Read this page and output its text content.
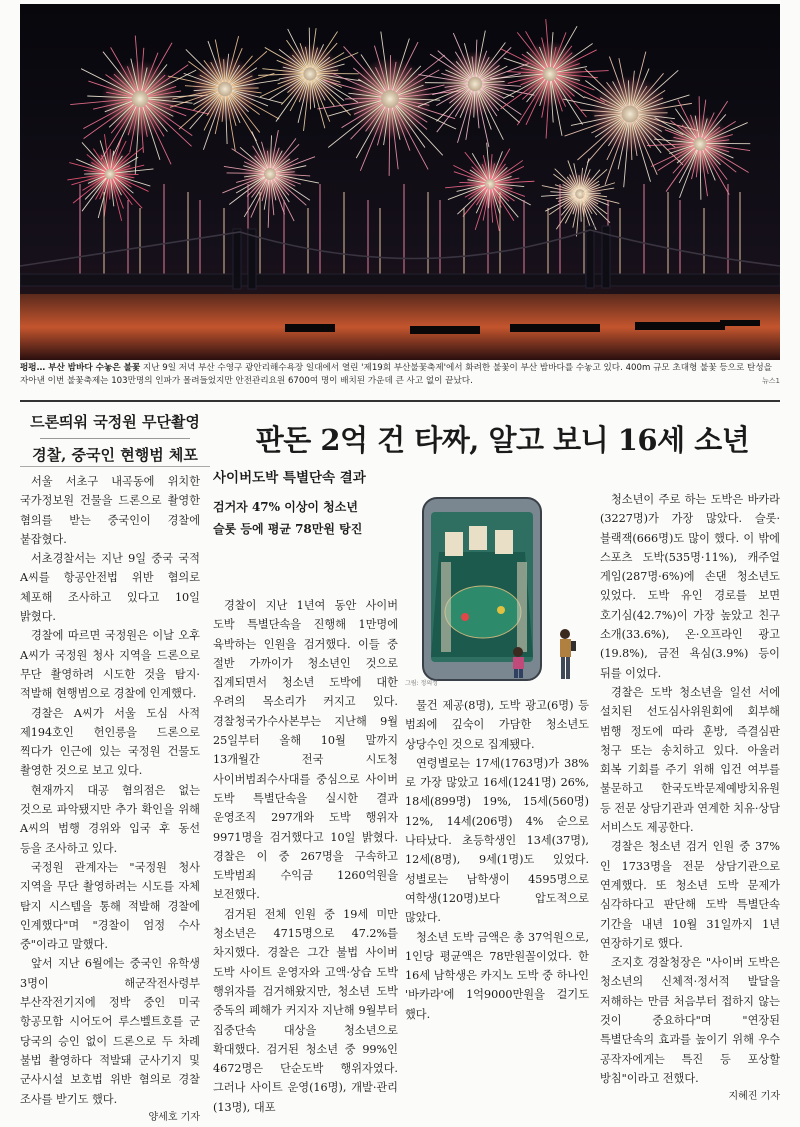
펑펑… 부산 밤바다 수놓은 불꽃 지난 9일 저녁 부산 수영구 광안리해수욕장 일대에서 열린 '제19회 부산불꽃축제'에서 화려한 불꽃이 부산 밤바다를 수놓고 있다. 400m 규모 초대형 불꽃 등으로 탄성을 자아낸 이번 불꽃축제는 103만명의 인파가 몰려들었지만 안전관리요원 6700여 명이 배치된 가운데 큰 사고 없이 끝났다.	뉴스1
드론띄워 국정원 무단촬영
경찰, 중국인 현행범 체포	판돈 2억 건 타짜, 알고 보니 16세 소년

서울 서초구 내곡동에 위치한 국가정보원 건물을 드론으로 촬영한 혐의를 받는 중국인이 경찰에 붙잡혔다.

서초경찰서는 지난 9일 중국 국적 A씨를 항공안전법 위반 혐의로 체포해 조사하고 있다고 10일 밝혔다.

경찰에 따르면 국정원은 이날 오후 A씨가 국정원 청사 지역을 드론으로 무단 촬영하려 시도한 것을 탐지·적발해 현행범으로 경찰에 인계했다.

경찰은 A씨가 서울 도심 사적 제194호인 헌인릉을 드론으로 찍다가 인근에 있는 국정원 건물도 촬영한 것으로 보고 있다.

현재까지 대공 혐의점은 없는 것으로 파악됐지만 추가 확인을 위해 A씨의 범행 경위와 입국 후 동선 등을 조사하고 있다.

국정원 관계자는 "국정원 청사 지역을 무단 촬영하려는 시도를 자체 탐지 시스템을 통해 적발해 경찰에 인계했다"며 "경찰이 엄정 수사 중"이라고 말했다.

앞서 지난 6월에는 중국인 유학생 3명이 해군작전사령부 부산작전기지에 정박 중인 미국 항공모함 시어도어 루스벨트호를 군 당국의 승인 없이 드론으로 두 차례 불법 촬영하다 적발돼 군사기지 및 군사시설 보호법 위반 혐의로 경찰 조사를 받기도 했다.

양세호 기자
사이버도박 특별단속 결과
검거자 47% 이상이 청소년
슬롯 등에 평균 78만원 탕진

경찰이 지난 1년여 동안 사이버 도박 특별단속을 진행해 1만명에 육박하는 인원을 검거했다. 이들 중 절반 가까이가 청소년인 것으로 집계되면서 청소년 도박에 대한 우려의 목소리가 커지고 있다. 경찰청국가수사본부는 지난해 9월 25일부터 올해 10월 말까지 13개월간 전국 시도청 사이버범죄수사대를 중심으로 사이버 도박 특별단속을 실시한 결과 운영조직 297개와 도박 행위자 9971명을 검거했다고 10일 밝혔다. 경찰은 이 중 267명을 구속하고 도박범죄 수익금 1260억원을 보전했다.

검거된 전체 인원 중 19세 미만 청소년은 4715명으로 47.2%를 차지했다. 경찰은 그간 불법 사이버 도박 사이트 운영자와 고액·상습 도박 행위자를 검거해왔지만, 청소년 도박 중독의 폐해가 커지자 지난해 9월부터 집중단속 대상을 청소년으로 확대했다. 검거된 청소년 중 99%인 4672명은 단순도박 행위자였다. 그러나 사이트 운영(16명), 개발·관리(13명), 대포

그림: 정의성

물건 제공(8명), 도박 광고(6명) 등 범죄에 깊숙이 가담한 청소년도 상당수인 것으로 집계됐다.

연령별로는 17세(1763명)가 38%로 가장 많았고 16세(1241명) 26%, 18세(899명) 19%, 15세(560명) 12%, 14세(206명) 4% 순으로 나타났다. 초등학생인 13세(37명), 12세(8명), 9세(1명)도 있었다. 성별로는 남학생이 4595명으로 여학생(120명)보다 압도적으로 많았다.

청소년 도박 금액은 총 37억원으로, 1인당 평균액은 78만원꼴이었다. 한 16세 남학생은 카지노 도박 중 하나인 '바카라'에 1억9000만원을 걸기도 했다.

청소년이 주로 하는 도박은 바카라(3227명)가 가장 많았다. 슬롯·블랙잭(666명)도 많이 했다. 이 밖에 스포츠 도박(535명·11%), 캐주얼 게임(287명·6%)에 손댄 청소년도 있었다. 도박 유인 경로를 보면 호기심(42.7%)이 가장 높았고 친구 소개(33.6%), 온·오프라인 광고(19.8%), 금전 욕심(3.9%) 등이 뒤를 이었다.

경찰은 도박 청소년을 일선 서에 설치된 선도심사위원회에 회부해 범행 정도에 따라 훈방, 즉결심판 청구 또는 송치하고 있다. 아울러 회복 기회를 주기 위해 입건 여부를 불문하고 한국도박문제예방치유원 등 전문 상담기관과 연계한 치유·상담 서비스도 제공한다.

경찰은 청소년 검거 인원 중 37%인 1733명을 전문 상담기관으로 연계했다. 또 청소년 도박 문제가 심각하다고 판단해 도박 특별단속 기간을 내년 10월 31일까지 1년 연장하기로 했다.

조지호 경찰청장은 "사이버 도박은 청소년의 신체적·정서적 발달을 저해하는 만큼 처음부터 접하지 않는 것이 중요하다"며 "연장된 특별단속의 효과를 높이기 위해 우수 공작자에게는 특진 등 포상할 방침"이라고 전했다.

지혜진 기자
